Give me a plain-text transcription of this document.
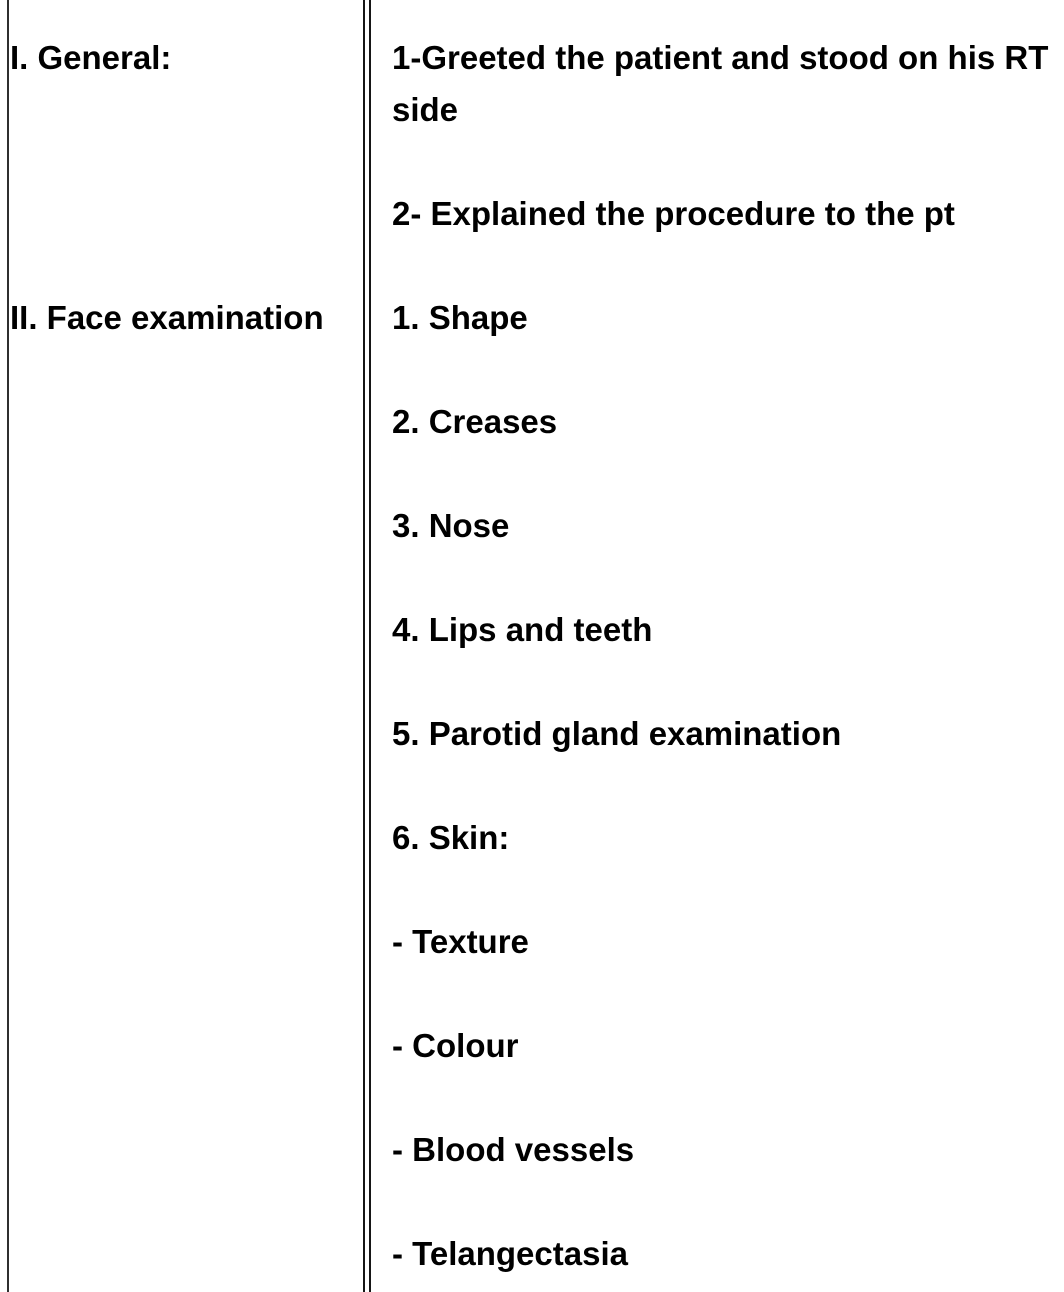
I. General:	1-Greeted the patient and stood on his RT side

2- Explained the procedure to the pt

II. Face examination	1. Shape

2. Creases

3. Nose

4. Lips and teeth

5. Parotid gland examination

6. Skin:

- Texture

- Colour

- Blood vessels

- Telangectasia
